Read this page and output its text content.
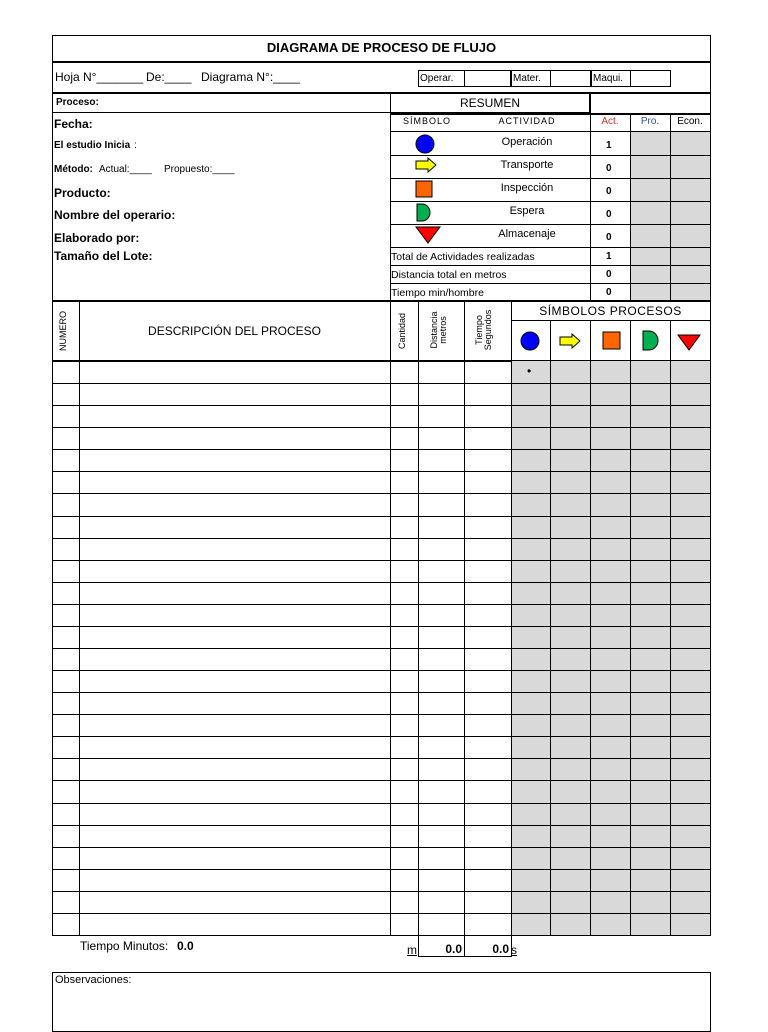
DIAGRAMA DE PROCESO DE FLUJO
Hoja N°_______ De:____ Diagrama N°:____	Operar.	Mater.	Maqui.
Proceso:
Fecha:
El estudio Inicia :
Método: Actual:____ Propuesto:____
Producto:
Nombre del operario:
Elaborado por:
Tamaño del Lote:
RESUMEN
SÍMBOLO	ACTIVIDAD	Act.	Pro.	Econ.
Operación	1
Transporte	0
Inspección	0
Espera	0
Almacenaje	0
Total de Actividades realizadas	1
Distancia total en metros	0
Tiempo min/hombre	0
SÍMBOLOS PROCESOS
NUMERO	DESCRIPCIÓN DEL PROCESO	Cantidad	Distancia metros	Tiempo Segundos
•
Tiempo Minutos: 0.0	m	0.0	0.0 s
Observaciones:
